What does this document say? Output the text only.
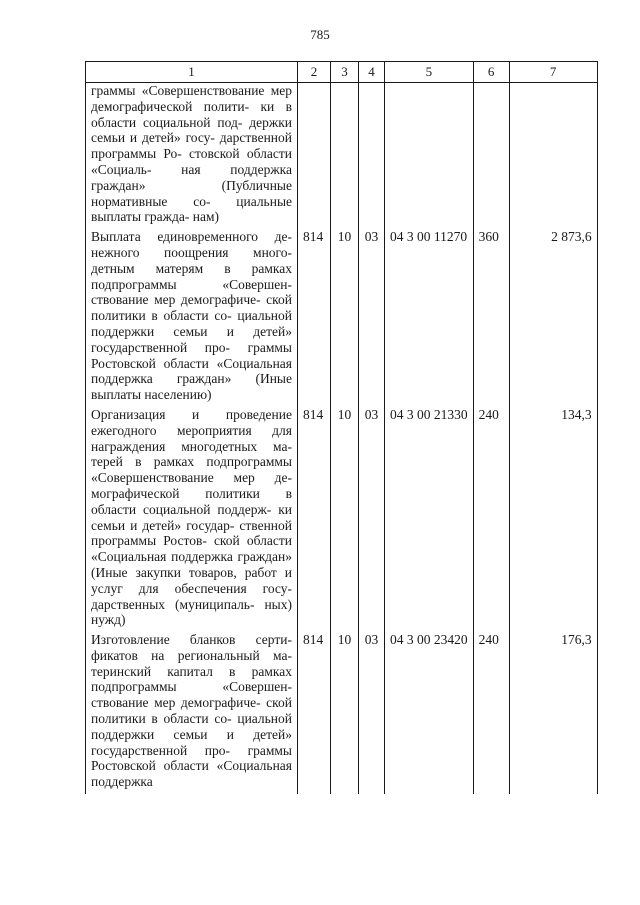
785
1	2	3	4	5	6	7
граммы «Совершенствование мер демографической полити- ки в области социальной под- держки семьи и детей» госу- дарственной программы Ро- стовской области «Социаль- ная поддержка граждан» (Публичные нормативные со- циальные выплаты гражда- нам)						
Выплата единовременного де- нежного поощрения много- детным матерям в рамках подпрограммы «Совершен- ствование мер демографиче- ской политики в области со- циальной поддержки семьи и детей» государственной про- граммы Ростовской области «Социальная поддержка граждан» (Иные выплаты населению)	814	10	03	04 3 00 11270	360	2 873,6
Организация и проведение ежегодного мероприятия для награждения многодетных ма- терей в рамках подпрограммы «Совершенствование мер де- мографической политики в области социальной поддерж- ки семьи и детей» государ- ственной программы Ростов- ской области «Социальная поддержка граждан» (Иные закупки товаров, работ и услуг для обеспечения госу- дарственных (муниципаль- ных) нужд)	814	10	03	04 3 00 21330	240	134,3
Изготовление бланков серти- фикатов на региональный ма- теринский капитал в рамках подпрограммы «Совершен- ствование мер демографиче- ской политики в области со- циальной поддержки семьи и детей» государственной про- граммы Ростовской области «Социальная поддержка	814	10	03	04 3 00 23420	240	176,3
